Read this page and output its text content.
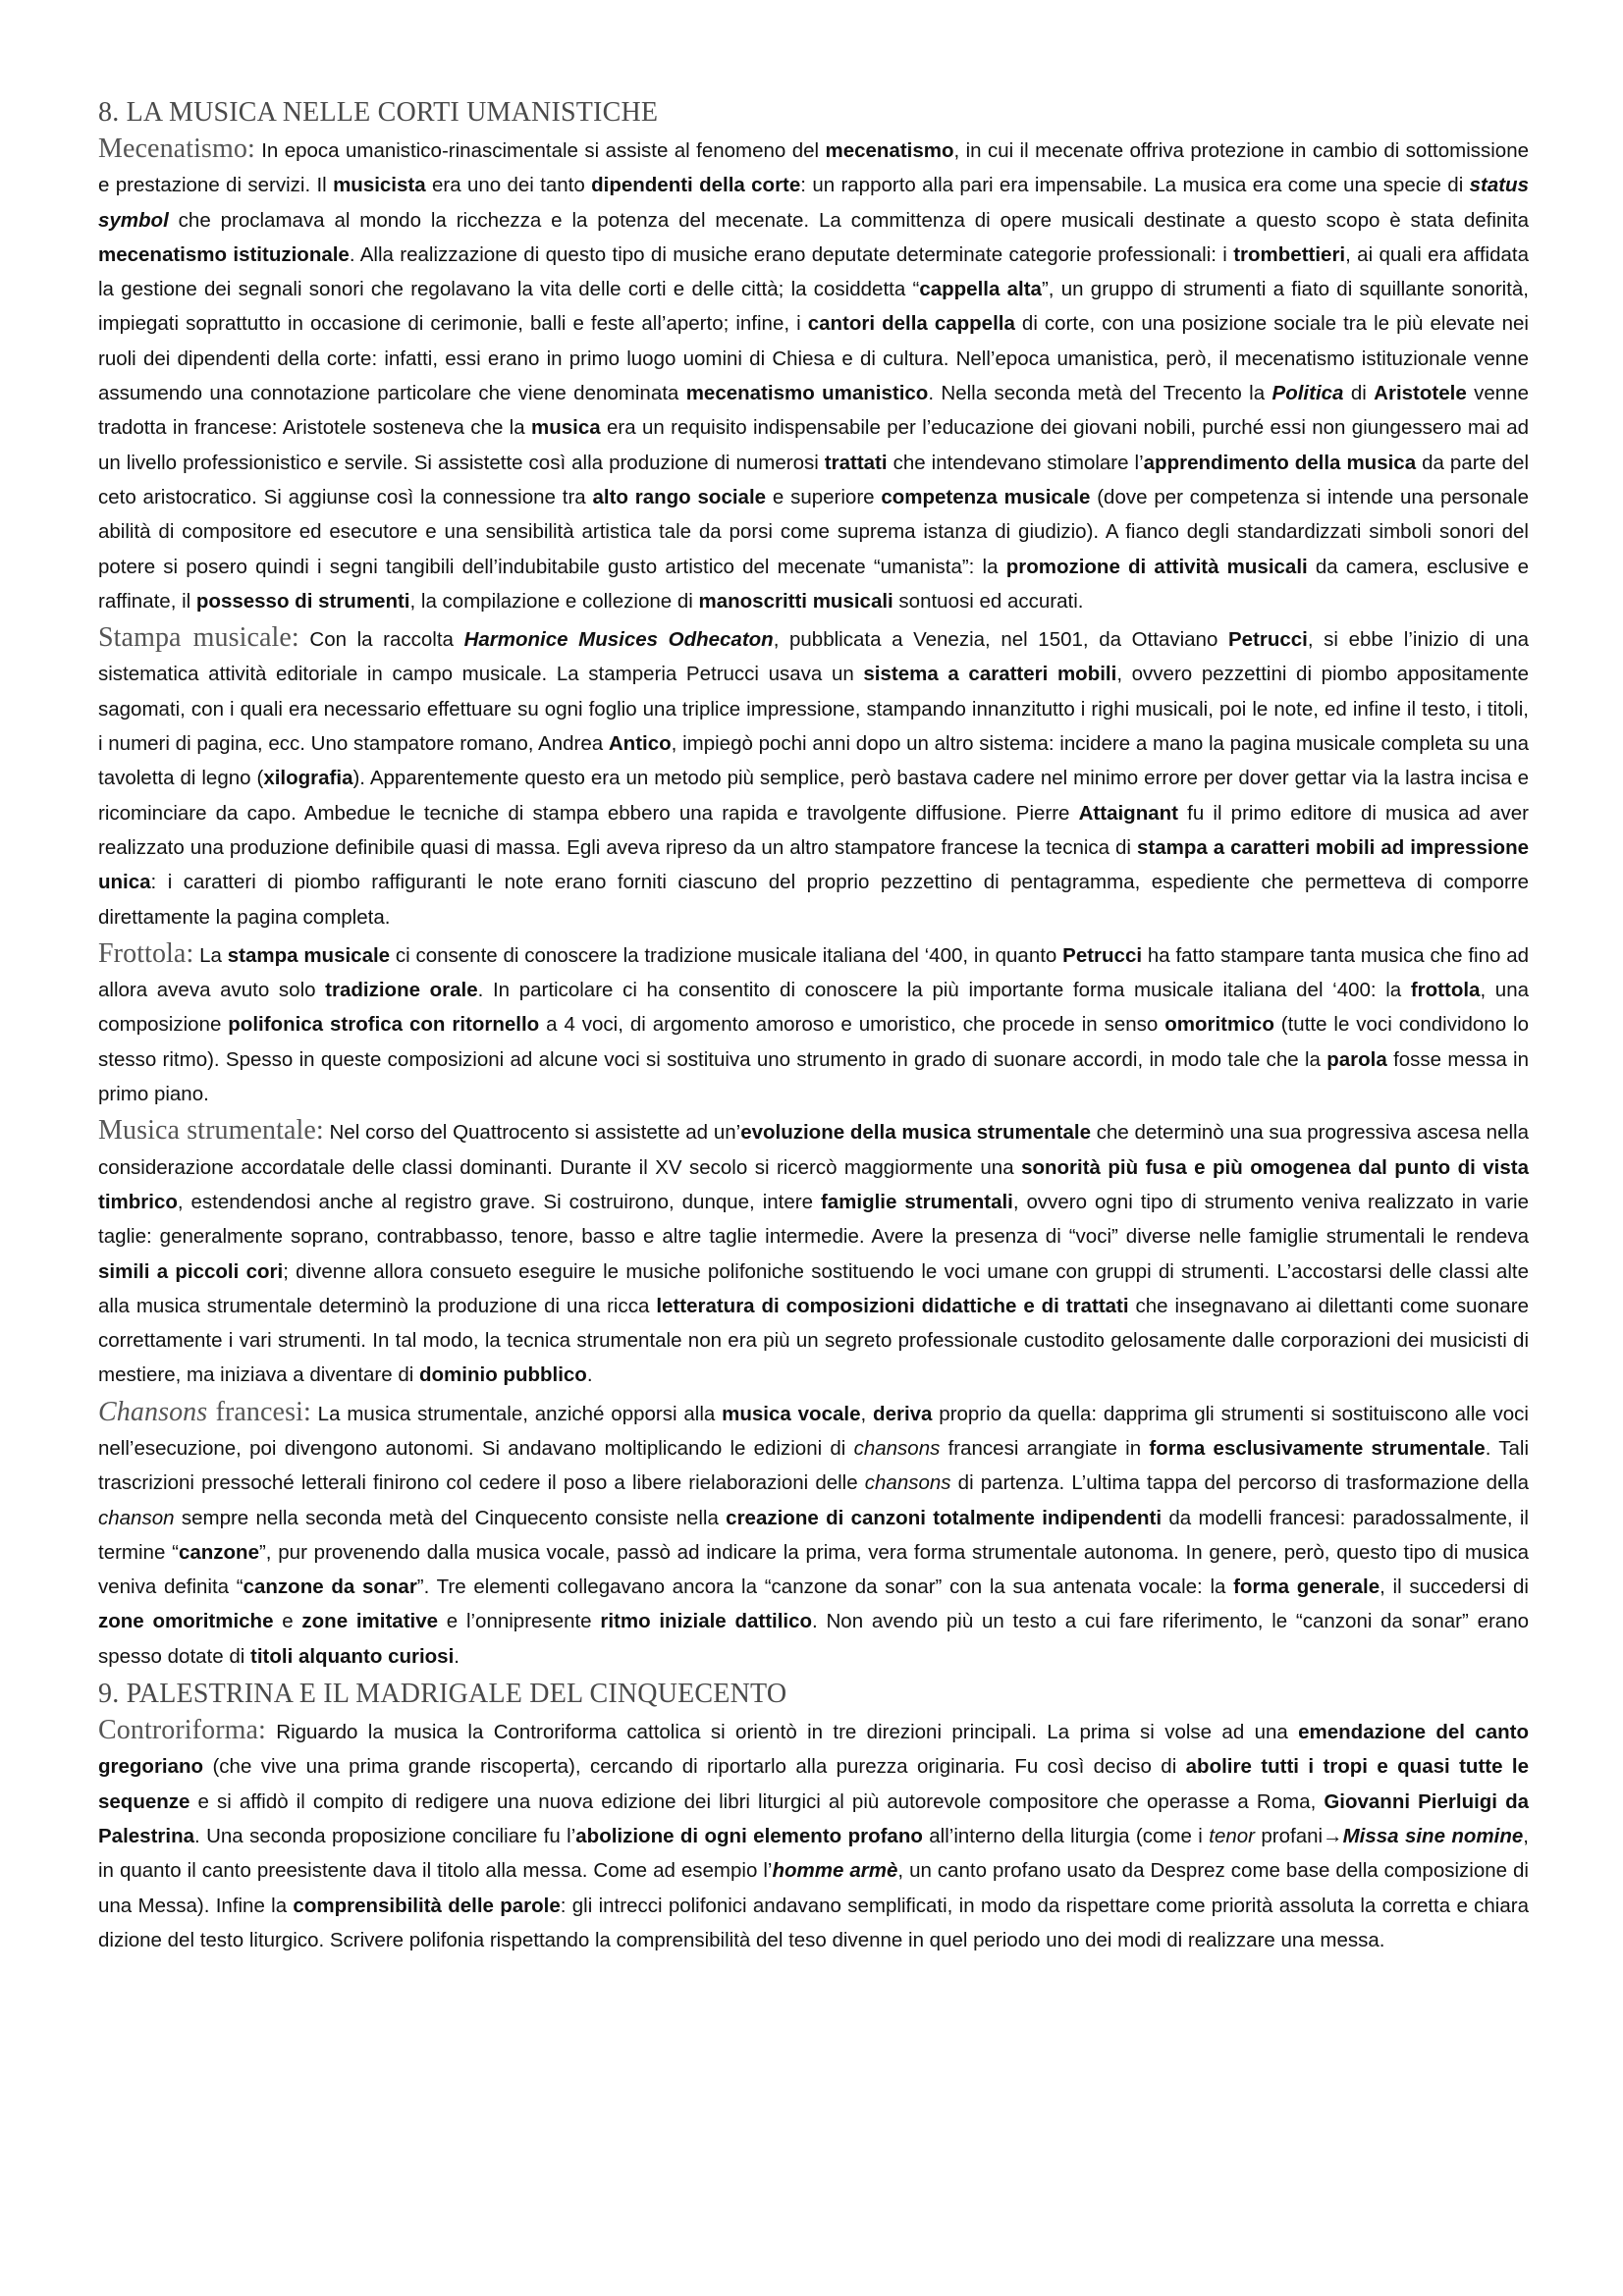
8. LA MUSICA NELLE CORTI UMANISTICHE

Mecenatismo: In epoca umanistico-rinascimentale si assiste al fenomeno del mecenatismo, in cui il mecenate offriva protezione in cambio di sottomissione e prestazione di servizi. Il musicista era uno dei tanto dipendenti della corte: un rapporto alla pari era impensabile. La musica era come una specie di status symbol che proclamava al mondo la ricchezza e la potenza del mecenate. La committenza di opere musicali destinate a questo scopo è stata definita mecenatismo istituzionale. Alla realizzazione di questo tipo di musiche erano deputate determinate categorie professionali: i trombettieri, ai quali era affidata la gestione dei segnali sonori che regolavano la vita delle corti e delle città; la cosiddetta “cappella alta”, un gruppo di strumenti a fiato di squillante sonorità, impiegati soprattutto in occasione di cerimonie, balli e feste all’aperto; infine, i cantori della cappella di corte, con una posizione sociale tra le più elevate nei ruoli dei dipendenti della corte: infatti, essi erano in primo luogo uomini di Chiesa e di cultura. Nell’epoca umanistica, però, il mecenatismo istituzionale venne assumendo una connotazione particolare che viene denominata mecenatismo umanistico. Nella seconda metà del Trecento la Politica di Aristotele venne tradotta in francese: Aristotele sosteneva che la musica era un requisito indispensabile per l’educazione dei giovani nobili, purché essi non giungessero mai ad un livello professionistico e servile. Si assistette così alla produzione di numerosi trattati che intendevano stimolare l’apprendimento della musica da parte del ceto aristocratico. Si aggiunse così la connessione tra alto rango sociale e superiore competenza musicale (dove per competenza si intende una personale abilità di compositore ed esecutore e una sensibilità artistica tale da porsi come suprema istanza di giudizio). A fianco degli standardizzati simboli sonori del potere si posero quindi i segni tangibili dell’indubitabile gusto artistico del mecenate “umanista”: la promozione di attività musicali da camera, esclusive e raffinate, il possesso di strumenti, la compilazione e collezione di manoscritti musicali sontuosi ed accurati.

Stampa musicale: Con la raccolta Harmonice Musices Odhecaton, pubblicata a Venezia, nel 1501, da Ottaviano Petrucci, si ebbe l’inizio di una sistematica attività editoriale in campo musicale. La stamperia Petrucci usava un sistema a caratteri mobili, ovvero pezzettini di piombo appositamente sagomati, con i quali era necessario effettuare su ogni foglio una triplice impressione, stampando innanzitutto i righi musicali, poi le note, ed infine il testo, i titoli, i numeri di pagina, ecc. Uno stampatore romano, Andrea Antico, impiegò pochi anni dopo un altro sistema: incidere a mano la pagina musicale completa su una tavoletta di legno (xilografia). Apparentemente questo era un metodo più semplice, però bastava cadere nel minimo errore per dover gettar via la lastra incisa e ricominciare da capo. Ambedue le tecniche di stampa ebbero una rapida e travolgente diffusione. Pierre Attaignant fu il primo editore di musica ad aver realizzato una produzione definibile quasi di massa. Egli aveva ripreso da un altro stampatore francese la tecnica di stampa a caratteri mobili ad impressione unica: i caratteri di piombo raffiguranti le note erano forniti ciascuno del proprio pezzettino di pentagramma, espediente che permetteva di comporre direttamente la pagina completa.

Frottola: La stampa musicale ci consente di conoscere la tradizione musicale italiana del ‘400, in quanto Petrucci ha fatto stampare tanta musica che fino ad allora aveva avuto solo tradizione orale. In particolare ci ha consentito di conoscere la più importante forma musicale italiana del ‘400: la frottola, una composizione polifonica strofica con ritornello a 4 voci, di argomento amoroso e umoristico, che procede in senso omoritmico (tutte le voci condividono lo stesso ritmo). Spesso in queste composizioni ad alcune voci si sostituiva uno strumento in grado di suonare accordi, in modo tale che la parola fosse messa in primo piano.

Musica strumentale: Nel corso del Quattrocento si assistette ad un’evoluzione della musica strumentale che determinò una sua progressiva ascesa nella considerazione accordatale delle classi dominanti. Durante il XV secolo si ricercò maggiormente una sonorità più fusa e più omogenea dal punto di vista timbrico, estendendosi anche al registro grave. Si costruirono, dunque, intere famiglie strumentali, ovvero ogni tipo di strumento veniva realizzato in varie taglie: generalmente soprano, contrabbasso, tenore, basso e altre taglie intermedie. Avere la presenza di “voci” diverse nelle famiglie strumentali le rendeva simili a piccoli cori; divenne allora consueto eseguire le musiche polifoniche sostituendo le voci umane con gruppi di strumenti. L’accostarsi delle classi alte alla musica strumentale determinò la produzione di una ricca letteratura di composizioni didattiche e di trattati che insegnavano ai dilettanti come suonare correttamente i vari strumenti. In tal modo, la tecnica strumentale non era più un segreto professionale custodito gelosamente dalle corporazioni dei musicisti di mestiere, ma iniziava a diventare di dominio pubblico.

Chansons francesi: La musica strumentale, anziché opporsi alla musica vocale, deriva proprio da quella: dapprima gli strumenti si sostituiscono alle voci nell’esecuzione, poi divengono autonomi. Si andavano moltiplicando le edizioni di chansons francesi arrangiate in forma esclusivamente strumentale. Tali trascrizioni pressoché letterali finirono col cedere il poso a libere rielaborazioni delle chansons di partenza. L’ultima tappa del percorso di trasformazione della chanson sempre nella seconda metà del Cinquecento consiste nella creazione di canzoni totalmente indipendenti da modelli francesi: paradossalmente, il termine “canzone”, pur provenendo dalla musica vocale, passò ad indicare la prima, vera forma strumentale autonoma. In genere, però, questo tipo di musica veniva definita “canzone da sonar”. Tre elementi collegavano ancora la “canzone da sonar” con la sua antenata vocale: la forma generale, il succedersi di zone omoritmiche e zone imitative e l’onnipresente ritmo iniziale dattilico. Non avendo più un testo a cui fare riferimento, le “canzoni da sonar” erano spesso dotate di titoli alquanto curiosi.

9. PALESTRINA E IL MADRIGALE DEL CINQUECENTO

Controriforma: Riguardo la musica la Controriforma cattolica si orientò in tre direzioni principali. La prima si volse ad una emendazione del canto gregoriano (che vive una prima grande riscoperta), cercando di riportarlo alla purezza originaria. Fu così deciso di abolire tutti i tropi e quasi tutte le sequenze e si affidò il compito di redigere una nuova edizione dei libri liturgici al più autorevole compositore che operasse a Roma, Giovanni Pierluigi da Palestrina. Una seconda proposizione conciliare fu l’abolizione di ogni elemento profano all’interno della liturgia (come i tenor profani→Missa sine nomine, in quanto il canto preesistente dava il titolo alla messa. Come ad esempio l’homme armè, un canto profano usato da Desprez come base della composizione di una Messa). Infine la comprensibilità delle parole: gli intrecci polifonici andavano semplificati, in modo da rispettare come priorità assoluta la corretta e chiara dizione del testo liturgico. Scrivere polifonia rispettando la comprensibilità del teso divenne in quel periodo uno dei modi di realizzare una messa.
